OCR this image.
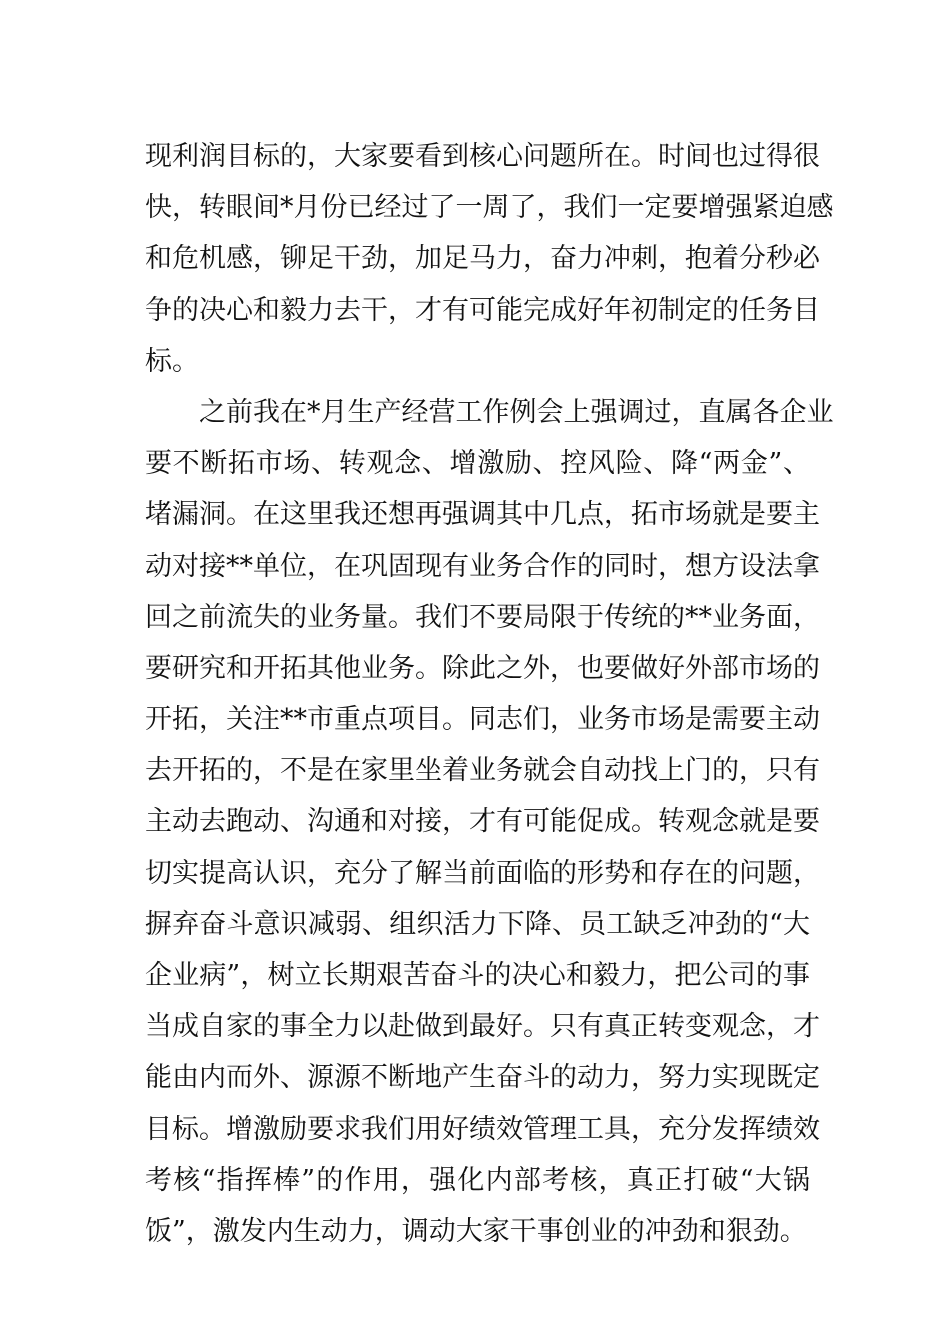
现利润目标的，大家要看到核心问题所在。时间也过得很
快，转眼间*月份已经过了一周了，我们一定要增强紧迫感
和危机感，铆足干劲，加足马力，奋力冲刺，抱着分秒必
争的决心和毅力去干，才有可能完成好年初制定的任务目
标。
之前我在*月生产经营工作例会上强调过，直属各企业
要不断拓市场、转观念、增激励、控风险、降“两金”、
堵漏洞。在这里我还想再强调其中几点，拓市场就是要主
动对接**单位，在巩固现有业务合作的同时，想方设法拿
回之前流失的业务量。我们不要局限于传统的**业务面，
要研究和开拓其他业务。除此之外，也要做好外部市场的
开拓，关注**市重点项目。同志们，业务市场是需要主动
去开拓的，不是在家里坐着业务就会自动找上门的，只有
主动去跑动、沟通和对接，才有可能促成。转观念就是要
切实提高认识，充分了解当前面临的形势和存在的问题，
摒弃奋斗意识减弱、组织活力下降、员工缺乏冲劲的“大
企业病”，树立长期艰苦奋斗的决心和毅力，把公司的事
当成自家的事全力以赴做到最好。只有真正转变观念，才
能由内而外、源源不断地产生奋斗的动力，努力实现既定
目标。增激励要求我们用好绩效管理工具，充分发挥绩效
考核“指挥棒”的作用，强化内部考核，真正打破“大锅
饭”，激发内生动力，调动大家干事创业的冲劲和狠劲。
